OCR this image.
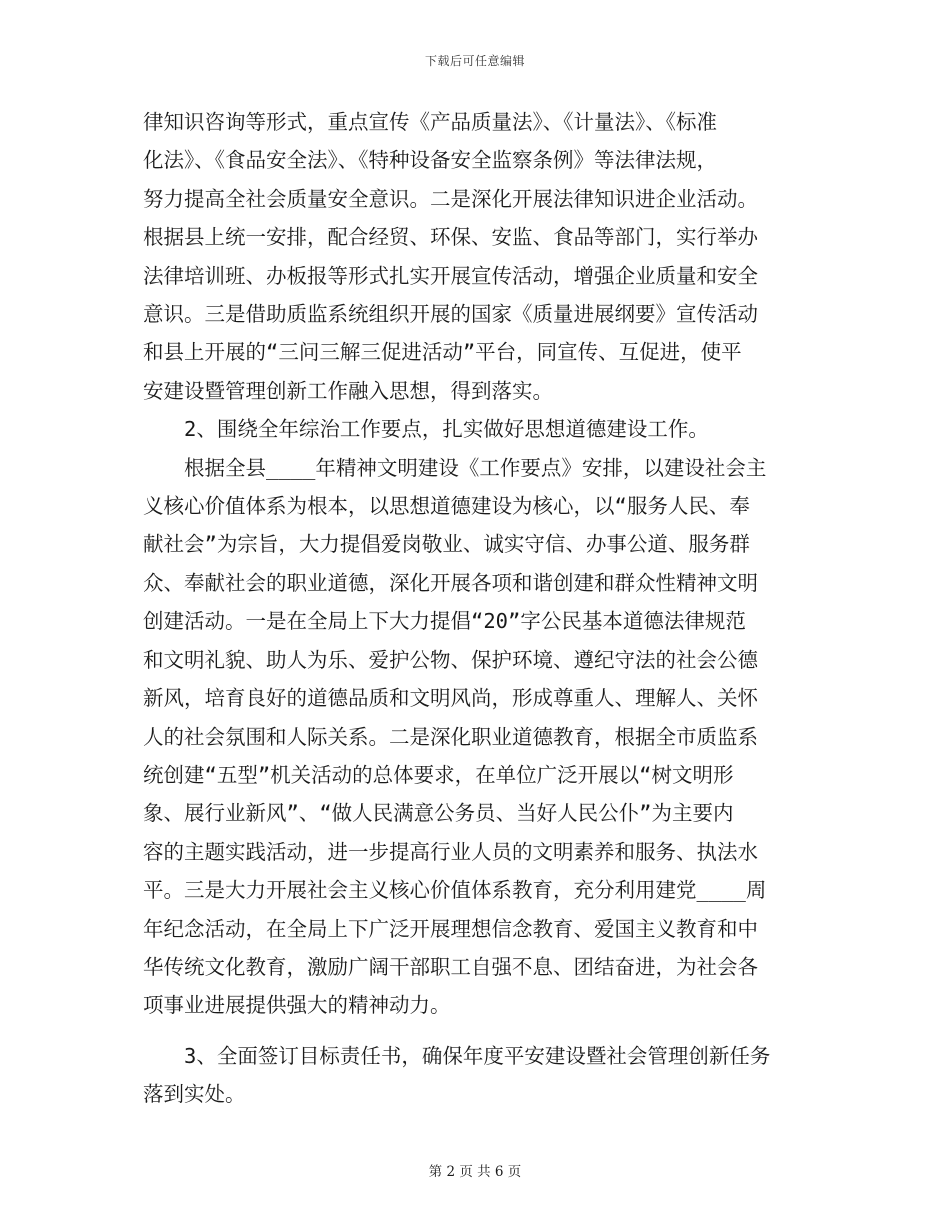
下载后可任意编辑

律知识咨询等形式，重点宣传《产品质量法》、《计量法》、《标准
化法》、《食品安全法》、《特种设备安全监察条例》等法律法规，
努力提高全社会质量安全意识。二是深化开展法律知识进企业活动。
根据县上统一安排，配合经贸、环保、安监、食品等部门，实行举办
法律培训班、办板报等形式扎实开展宣传活动，增强企业质量和安全
意识。三是借助质监系统组织开展的国家《质量进展纲要》宣传活动
和县上开展的“三问三解三促进活动”平台，同宣传、互促进，使平
安建设暨管理创新工作融入思想，得到落实。

　　2、围绕全年综治工作要点，扎实做好思想道德建设工作。

　　根据全县____年精神文明建设《工作要点》安排，以建设社会主
义核心价值体系为根本，以思想道德建设为核心，以“服务人民、奉
献社会”为宗旨，大力提倡爱岗敬业、诚实守信、办事公道、服务群
众、奉献社会的职业道德，深化开展各项和谐创建和群众性精神文明
创建活动。一是在全局上下大力提倡“20”字公民基本道德法律规范
和文明礼貌、助人为乐、爱护公物、保护环境、遵纪守法的社会公德
新风，培育良好的道德品质和文明风尚，形成尊重人、理解人、关怀
人的社会氛围和人际关系。二是深化职业道德教育，根据全市质监系
统创建“五型”机关活动的总体要求，在单位广泛开展以“树文明形
象、展行业新风”、“做人民满意公务员、当好人民公仆”为主要内
容的主题实践活动，进一步提高行业人员的文明素养和服务、执法水
平。三是大力开展社会主义核心价值体系教育，充分利用建党____周
年纪念活动，在全局上下广泛开展理想信念教育、爱国主义教育和中
华传统文化教育，激励广阔干部职工自强不息、团结奋进，为社会各
项事业进展提供强大的精神动力。

　　3、全面签订目标责任书，确保年度平安建设暨社会管理创新任务
落到实处。

第 2 页 共 6 页
